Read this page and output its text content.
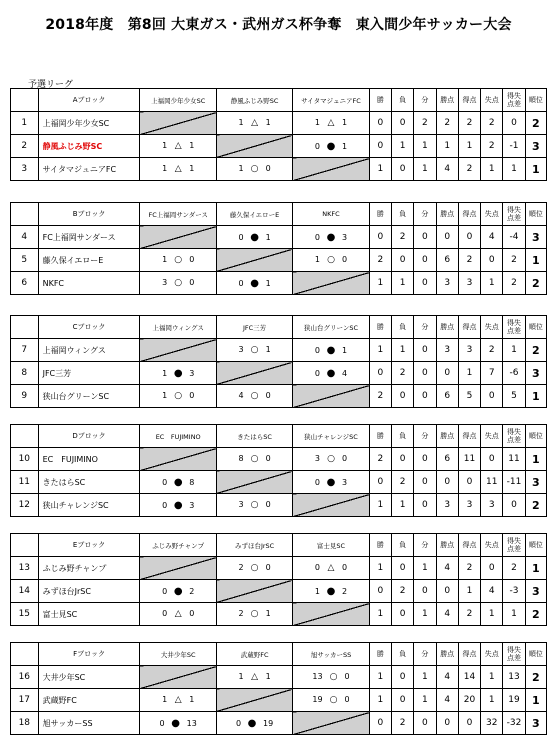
2018年度　第8回 大東ガス・武州ガス杯争奪　東入間少年サッカー大会
予選リーグ
	Aブロック	上福岡少年少女SC	静風ふじみ野SC	サイタマジュニアFC	勝	負	分	勝点	得点	失点	得失
点差	順位
1	上福岡少年少女SC		1 △ 1	1 △ 1	0	0	2	2	2	2	0	2
2	静風ふじみ野SC	1 △ 1		0 ● 1	0	1	1	1	1	2	-1	3
3	サイタマジュニアFC	1 △ 1	1 ○ 0		1	0	1	4	2	1	1	1
	Bブロック	FC上福岡サンダース	藤久保イエローE	NKFC	勝	負	分	勝点	得点	失点	得失
点差	順位
4	FC上福岡サンダース		0 ● 1	0 ● 3	0	2	0	0	0	4	-4	3
5	藤久保イエローE	1 ○ 0		1 ○ 0	2	0	0	6	2	0	2	1
6	NKFC	3 ○ 0	0 ● 1		1	1	0	3	3	1	2	2
	Cブロック	上福岡ウィングス	JFC三芳	狭山台グリーンSC	勝	負	分	勝点	得点	失点	得失
点差	順位
7	上福岡ウィングス		3 ○ 1	0 ● 1	1	1	0	3	3	2	1	2
8	JFC三芳	1 ● 3		0 ● 4	0	2	0	0	1	7	-6	3
9	狭山台グリーンSC	1 ○ 0	4 ○ 0		2	0	0	6	5	0	5	1
	Dブロック	EC　FUJIMINO	きたはらSC	狭山チャレンジSC	勝	負	分	勝点	得点	失点	得失
点差	順位
10	EC　FUJIMINO		8 ○ 0	3 ○ 0	2	0	0	6	11	0	11	1
11	きたはらSC	0 ● 8		0 ● 3	0	2	0	0	0	11	-11	3
12	狭山チャレンジSC	0 ● 3	3 ○ 0		1	1	0	3	3	3	0	2
	Eブロック	ふじみ野チャンプ	みずほ台JrSC	富士見SC	勝	負	分	勝点	得点	失点	得失
点差	順位
13	ふじみ野チャンプ		2 ○ 0	0 △ 0	1	0	1	4	2	0	2	1
14	みずほ台JrSC	0 ● 2		1 ● 2	0	2	0	0	1	4	-3	3
15	富士見SC	0 △ 0	2 ○ 1		1	0	1	4	2	1	1	2
	Fブロック	大井少年SC	武蔵野FC	旭サッカーSS	勝	負	分	勝点	得点	失点	得失
点差	順位
16	大井少年SC		1 △ 1	13 ○ 0	1	0	1	4	14	1	13	2
17	武蔵野FC	1 △ 1		19 ○ 0	1	0	1	4	20	1	19	1
18	旭サッカーSS	0 ● 13	0 ● 19		0	2	0	0	0	32	-32	3
